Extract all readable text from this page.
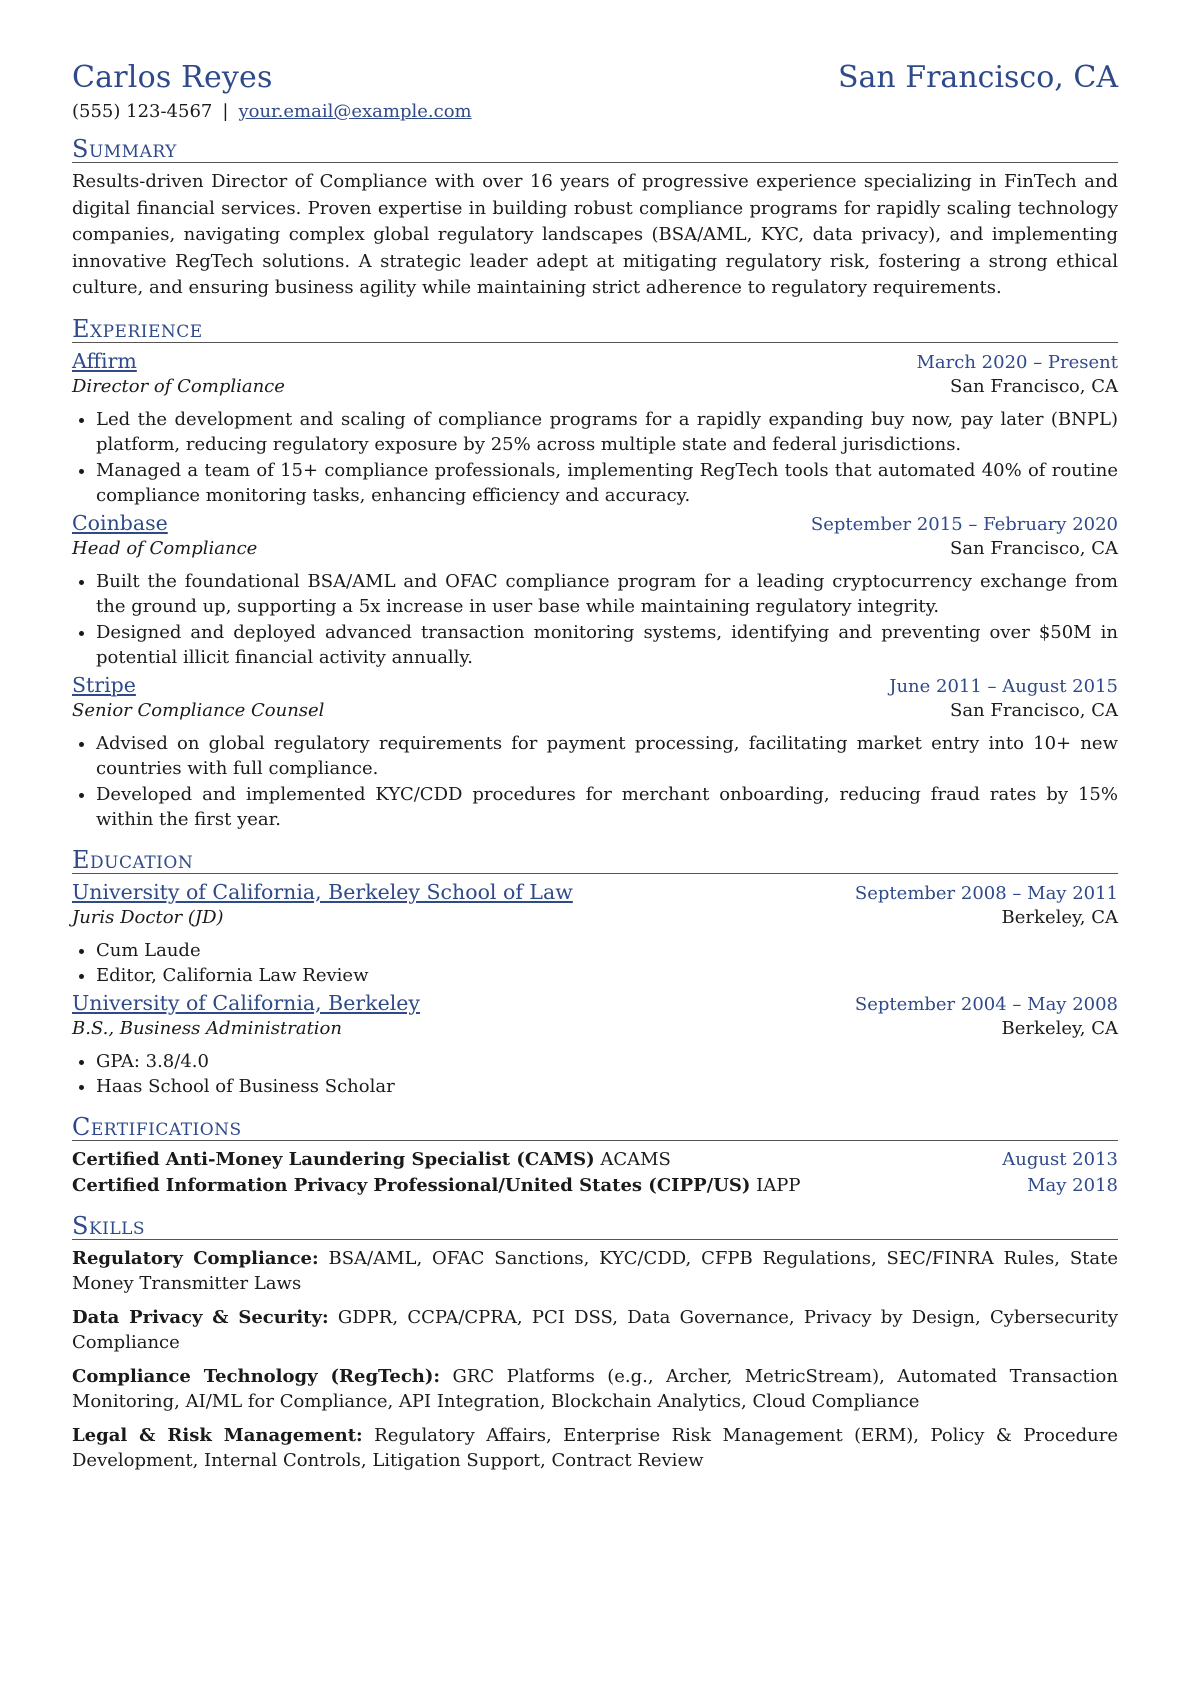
Carlos Reyes	San Francisco, CA
(555) 123-4567 | your.email@example.com
Summary

Results-driven Director of Compliance with over 16 years of progressive experience specializing in FinTech and digital financial services. Proven expertise in building robust compliance programs for rapidly scaling technology companies, navigating complex global regulatory landscapes (BSA/AML, KYC, data privacy), and implementing innovative RegTech solutions. A strategic leader adept at mitigating regulatory risk, fostering a strong ethical culture, and ensuring business agility while maintaining strict adherence to regulatory requirements.

Experience
Affirm	March 2020 – Present
Director of Compliance	San Francisco, CA
• Led the development and scaling of compliance programs for a rapidly expanding buy now, pay later (BNPL) platform, reducing regulatory exposure by 25% across multiple state and federal jurisdictions.
• Managed a team of 15+ compliance professionals, implementing RegTech tools that automated 40% of routine compliance monitoring tasks, enhancing efficiency and accuracy.
Coinbase	September 2015 – February 2020
Head of Compliance	San Francisco, CA
• Built the foundational BSA/AML and OFAC compliance program for a leading cryptocurrency exchange from the ground up, supporting a 5x increase in user base while maintaining regulatory integrity.
• Designed and deployed advanced transaction monitoring systems, identifying and preventing over $50M in potential illicit financial activity annually.
Stripe	June 2011 – August 2015
Senior Compliance Counsel	San Francisco, CA
• Advised on global regulatory requirements for payment processing, facilitating market entry into 10+ new countries with full compliance.
• Developed and implemented KYC/CDD procedures for merchant onboarding, reducing fraud rates by 15% within the first year.
Education
University of California, Berkeley School of Law	September 2008 – May 2011
Juris Doctor (JD)	Berkeley, CA
• Cum Laude
• Editor, California Law Review
University of California, Berkeley	September 2004 – May 2008
B.S., Business Administration	Berkeley, CA
• GPA: 3.8/4.0
• Haas School of Business Scholar
Certifications
Certified Anti-Money Laundering Specialist (CAMS) ACAMS	August 2013
Certified Information Privacy Professional/United States (CIPP/US) IAPP	May 2018
Skills

Regulatory Compliance: BSA/AML, OFAC Sanctions, KYC/CDD, CFPB Regulations, SEC/FINRA Rules, State Money Transmitter Laws

Data Privacy & Security: GDPR, CCPA/CPRA, PCI DSS, Data Governance, Privacy by Design, Cybersecurity Compliance

Compliance Technology (RegTech): GRC Platforms (e.g., Archer, MetricStream), Automated Transaction Monitoring, AI/ML for Compliance, API Integration, Blockchain Analytics, Cloud Compliance

Legal & Risk Management: Regulatory Affairs, Enterprise Risk Management (ERM), Policy & Procedure Development, Internal Controls, Litigation Support, Contract Review
